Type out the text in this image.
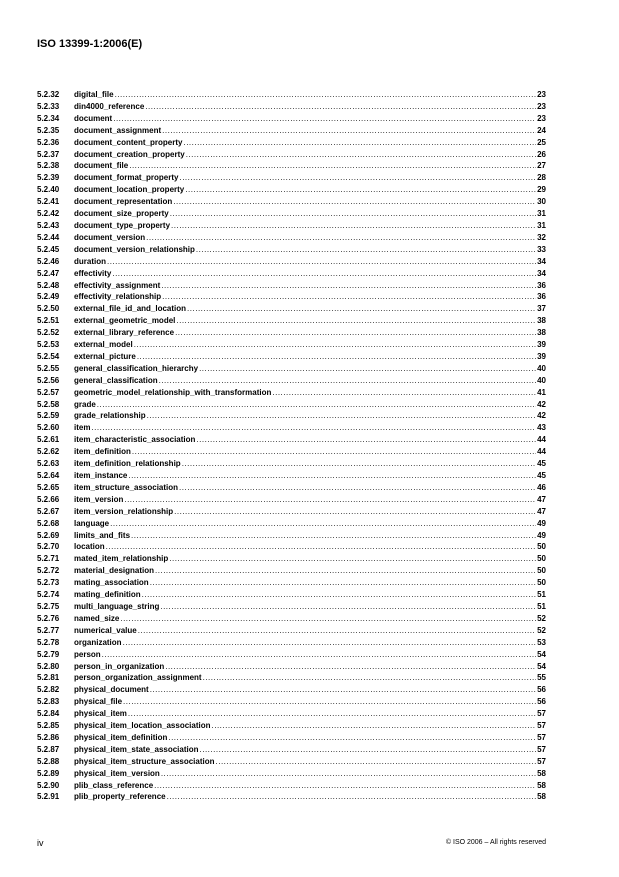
ISO 13399-1:2006(E)
5.2.32	digital_file .....	23
5.2.33	din4000_reference .....	23
5.2.34	document .....	23
5.2.35	document_assignment .....	24
5.2.36	document_content_property .....	25
5.2.37	document_creation_property .....	26
5.2.38	document_file .....	27
5.2.39	document_format_property .....	28
5.2.40	document_location_property .....	29
5.2.41	document_representation .....	30
5.2.42	document_size_property .....	31
5.2.43	document_type_property .....	31
5.2.44	document_version .....	32
5.2.45	document_version_relationship .....	33
5.2.46	duration .....	34
5.2.47	effectivity .....	34
5.2.48	effectivity_assignment .....	36
5.2.49	effectivity_relationship .....	36
5.2.50	external_file_id_and_location .....	37
5.2.51	external_geometric_model .....	38
5.2.52	external_library_reference .....	38
5.2.53	external_model .....	39
5.2.54	external_picture .....	39
5.2.55	general_classification_hierarchy .....	40
5.2.56	general_classification .....	40
5.2.57	geometric_model_relationship_with_transformation .....	41
5.2.58	grade .....	42
5.2.59	grade_relationship .....	42
5.2.60	item .....	43
5.2.61	item_characteristic_association .....	44
5.2.62	item_definition .....	44
5.2.63	item_definition_relationship .....	45
5.2.64	item_instance .....	45
5.2.65	item_structure_association .....	46
5.2.66	item_version .....	47
5.2.67	item_version_relationship .....	47
5.2.68	language .....	49
5.2.69	limits_and_fits .....	49
5.2.70	location .....	50
5.2.71	mated_item_relationship .....	50
5.2.72	material_designation .....	50
5.2.73	mating_association .....	50
5.2.74	mating_definition .....	51
5.2.75	multi_language_string .....	51
5.2.76	named_size .....	52
5.2.77	numerical_value .....	52
5.2.78	organization .....	53
5.2.79	person .....	54
5.2.80	person_in_organization .....	54
5.2.81	person_organization_assignment .....	55
5.2.82	physical_document .....	56
5.2.83	physical_file .....	56
5.2.84	physical_item .....	57
5.2.85	physical_item_location_association .....	57
5.2.86	physical_item_definition .....	57
5.2.87	physical_item_state_association .....	57
5.2.88	physical_item_structure_association .....	57
5.2.89	physical_item_version .....	58
5.2.90	plib_class_reference .....	58
5.2.91	plib_property_reference .....	58
iv	© ISO 2006 – All rights reserved
